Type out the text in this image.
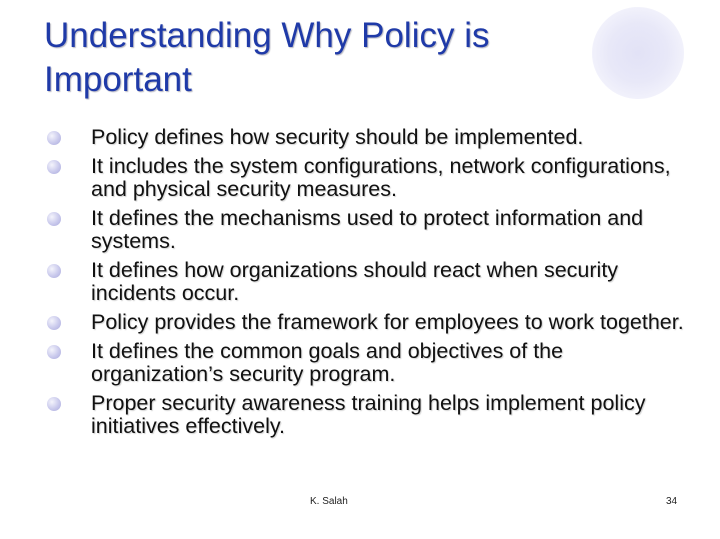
Understanding Why Policy is
Important
Policy defines how security should be implemented.
It includes the system configurations, network configurations, and physical security measures.
It defines the mechanisms used to protect information and systems.
It defines how organizations should react when security incidents occur.
Policy provides the framework for employees to work together.
It defines the common goals and objectives of the organization’s security program.
Proper security awareness training helps implement policy initiatives effectively.
K. Salah	34
